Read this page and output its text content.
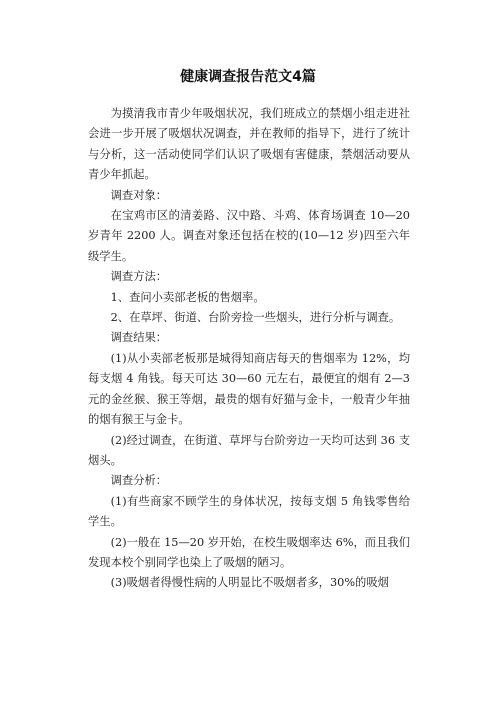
健康调查报告范文4篇

为摸清我市青少年吸烟状况，我们班成立的禁烟小组走进社会进一步开展了吸烟状况调查，并在教师的指导下，进行了统计与分析，这一活动使同学们认识了吸烟有害健康，禁烟活动要从青少年抓起。

调查对象：

在宝鸡市区的清姜路、汉中路、斗鸡、体育场调查 10—20 岁青年 2200 人。调查对象还包括在校的(10—12 岁)四至六年级学生。

调查方法：

1、查问小卖部老板的售烟率。

2、在草坪、街道、台阶旁捡一些烟头，进行分析与调查。

调查结果：

(1)从小卖部老板那是城得知商店每天的售烟率为 12%，均每支烟 4 角钱。每天可达 30—60 元左右，最便宜的烟有 2—3 元的金丝猴、猴王等烟，最贵的烟有好猫与金卡，一般青少年抽的烟有猴王与金卡。

(2)经过调查，在街道、草坪与台阶旁边一天均可达到 36 支烟头。

调查分析：

(1)有些商家不顾学生的身体状况，按每支烟 5 角钱零售给学生。

(2)一般在 15—20 岁开始，在校生吸烟率达 6%，而且我们发现本校个别同学也染上了吸烟的陋习。

(3)吸烟者得慢性病的人明显比不吸烟者多，30%的吸烟
